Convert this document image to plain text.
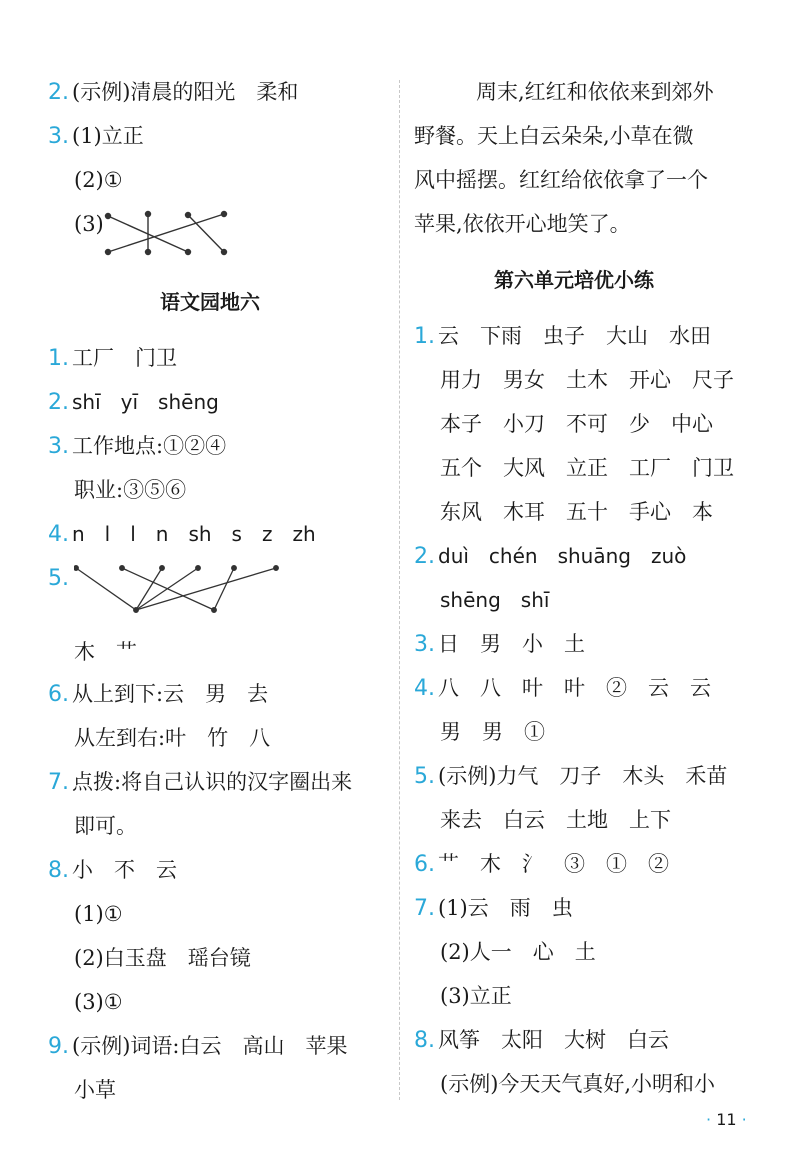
2. (示例)清晨的阳光　柔和
3. (1)立正
(2)①
(3)
语文园地六
1. 工厂　门卫
2. shī　yī　shēng
3. 工作地点:①②④
职业:③⑤⑥
4. n　l　l　n　sh　s　z　zh
5.
木　艹
6. 从上到下:云　男　去
从左到右:叶　竹　八
7. 点拨:将自己认识的汉字圈出来
即可。
8. 小　不　云
(1)①
(2)白玉盘　瑶台镜
(3)①
9. (示例)词语:白云　高山　苹果
小草
周末,红红和依依来到郊外
野餐。天上白云朵朵,小草在微
风中摇摆。红红给依依拿了一个
苹果,依依开心地笑了。
第六单元培优小练
1. 云　下雨　虫子　大山　水田
用力　男女　土木　开心　尺子
本子　小刀　不可　少　中心
五个　大风　立正　工厂　门卫
东风　木耳　五十　手心　本
2. duì　chén　shuāng　zuò
shēng　shī
3. 日　男　小　土
4. 八　八　叶　叶　②　云　云
男　男　①
5. (示例)力气　刀子　木头　禾苗
来去　白云　土地　上下
6. 艹　木　氵　③　①　②
7. (1)云　雨　虫
(2)人一　心　土
(3)立正
8. 风筝　太阳　大树　白云
(示例)今天天气真好,小明和小
· 11 ·
